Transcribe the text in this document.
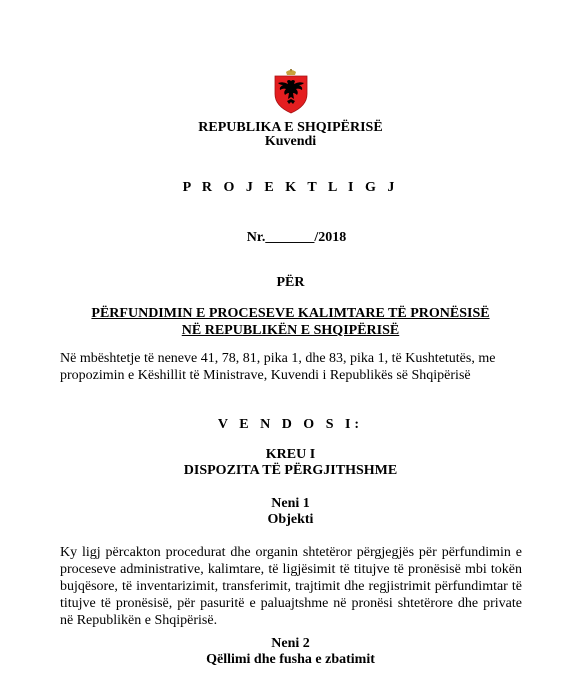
REPUBLIKA E SHQIPËRISË
Kuvendi
P R O J E K T L I G J
Nr._______/2018
PËR
PËRFUNDIMIN E PROCESEVE KALIMTARE TË PRONËSISË
NË REPUBLIKËN E SHQIPËRISË
Në mbështetje të neneve 41, 78, 81, pika 1, dhe 83, pika 1, të Kushtetutës, me propozimin e Këshillit të Ministrave, Kuvendi i Republikës së Shqipërisë
V E N D O S I:
KREU I
DISPOZITA TË PËRGJITHSHME
Neni 1
Objekti
Ky ligj përcakton procedurat dhe organin shtetëror përgjegjës për përfundimin e proceseve administrative, kalimtare, të ligjësimit të titujve të pronësisë mbi tokën bujqësore, të inventarizimit, transferimit, trajtimit dhe regjistrimit përfundimtar të titujve të pronësisë, për pasuritë e paluajtshme në pronësi shtetërore dhe private në Republikën e Shqipërisë.
Neni 2
Qëllimi dhe fusha e zbatimit
